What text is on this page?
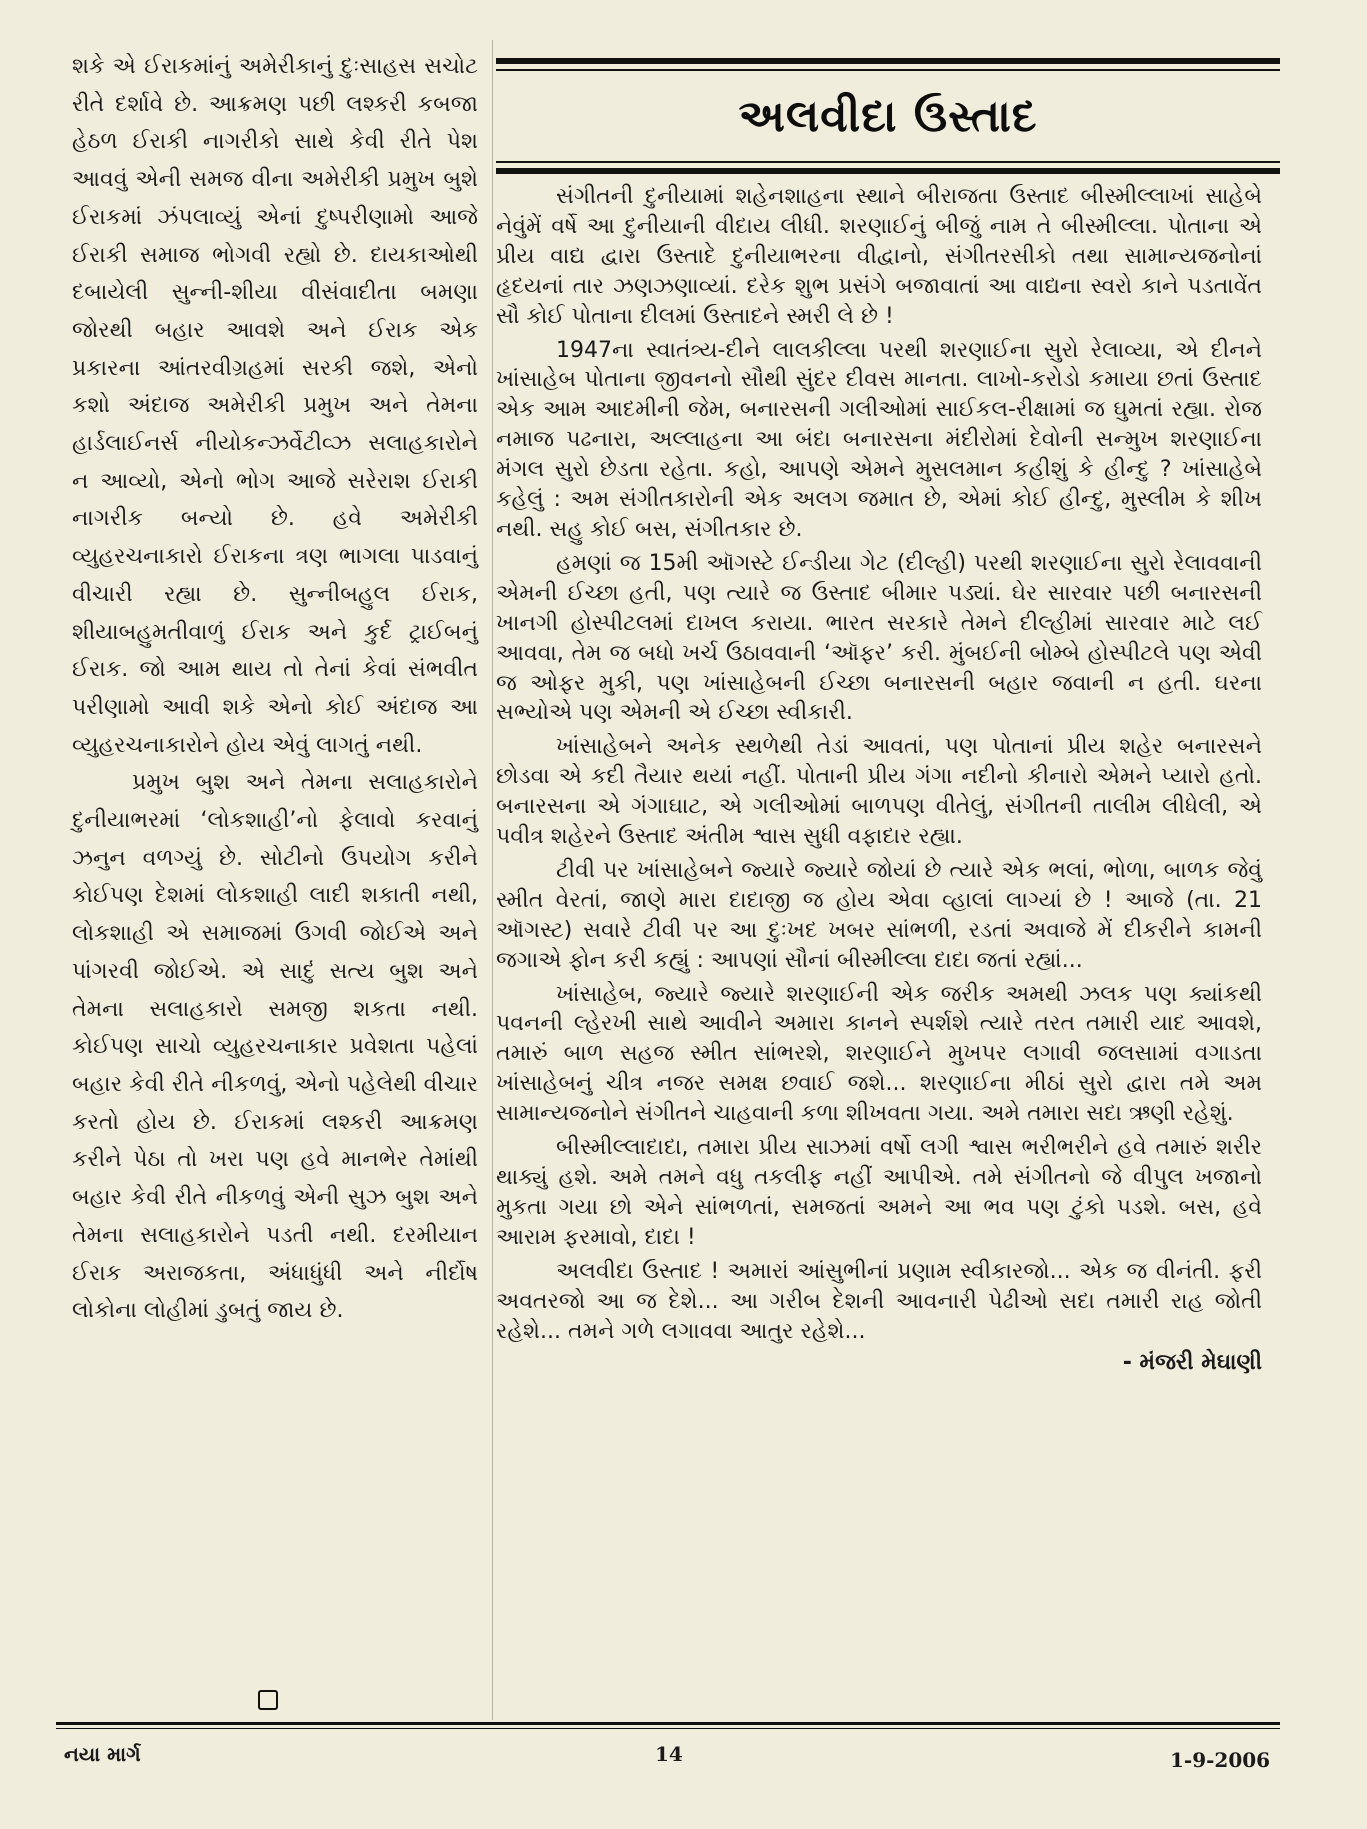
શકે એ ઈરાકમાંનું અમેરીકાનું દુઃસાહસ સચોટ રીતે દર્શાવે છે. આક્રમણ પછી લશ્કરી કબજા હેઠળ ઈરાકી નાગરીકો સાથે કેવી રીતે પેશ આવવું એની સમજ વીના અમેરીકી પ્રમુખ બુશે ઈરાકમાં ઝંપલાવ્યું એનાં દુષ્પરીણામો આજે ઈરાકી સમાજ ભોગવી રહ્યો છે. દાયકાઓથી દબાયેલી સુન્ની-શીયા વીસંવાદીતા બમણા જોરથી બહાર આવશે અને ઈરાક એક પ્રકારના આંતરવીગ્રહમાં સરકી જશે, એનો કશો અંદાજ અમેરીકી પ્રમુખ અને તેમના હાર્ડલાઈનર્સ નીયોકન્ઝર્વેટીવ્ઝ સલાહકારોને ન આવ્યો, એનો ભોગ આજે સરેરાશ ઈરાકી નાગરીક બન્યો છે. હવે અમેરીકી વ્યુહરચનાકારો ઈરાકના ત્રણ ભાગલા પાડવાનું વીચારી રહ્યા છે. સુન્નીબહુલ ઈરાક, શીયાબહુમતીવાળું ઈરાક અને કુર્દ ટ્રાઈબનું ઈરાક. જો આમ થાય તો તેનાં કેવાં સંભવીત પરીણામો આવી શકે એનો કોઈ અંદાજ આ વ્યુહરચનાકારોને હોય એવું લાગતું નથી.

પ્રમુખ બુશ અને તેમના સલાહકારોને દુનીયાભરમાં ‘લોકશાહી’નો ફેલાવો કરવાનું ઝનુન વળગ્યું છે. સોટીનો ઉપયોગ કરીને કોઈપણ દેશમાં લોકશાહી લાદી શકાતી નથી, લોકશાહી એ સમાજમાં ઉગવી જોઈએ અને પાંગરવી જોઈએ. એ સાદું સત્ય બુશ અને તેમના સલાહકારો સમજી શકતા નથી. કોઈપણ સાચો વ્યુહરચનાકાર પ્રવેશતા પહેલાં બહાર કેવી રીતે નીકળવું, એનો પહેલેથી વીચાર કરતો હોય છે. ઈરાકમાં લશ્કરી આક્રમણ કરીને પેઠા તો ખરા પણ હવે માનભેર તેમાંથી બહાર કેવી રીતે નીકળવું એની સુઝ બુશ અને તેમના સલાહકારોને પડતી નથી. દરમીયાન ઈરાક અરાજકતા, અંધાધુંધી અને નીર્દોષ લોકોના લોહીમાં ડુબતું જાય છે.

અલવીદા ઉસ્તાદ

સંગીતની દુનીયામાં શહેનશાહના સ્થાને બીરાજતા ઉસ્તાદ બીસ્મીલ્લાખાં સાહેબે નેવુંમેં વર્ષે આ દુનીયાની વીદાય લીધી. શરણાઈનું બીજું નામ તે બીસ્મીલ્લા. પોતાના એ પ્રીય વાદ્ય દ્વારા ઉસ્તાદે દુનીયાભરના વીદ્વાનો, સંગીતરસીકો તથા સામાન્યજનોનાં હૃદયનાં તાર ઝણઝણાવ્યાં. દરેક શુભ પ્રસંગે બજાવાતાં આ વાદ્યના સ્વરો કાને પડતાવેંત સૌ કોઈ પોતાના દીલમાં ઉસ્તાદને સ્મરી લે છે !

1947ના સ્વાતંત્ર્ય-દીને લાલકીલ્લા પરથી શરણાઈના સુરો રેલાવ્યા, એ દીનને ખાંસાહેબ પોતાના જીવનનો સૌથી સુંદર દીવસ માનતા. લાખો-કરોડો કમાયા છતાં ઉસ્તાદ એક આમ આદમીની જેમ, બનારસની ગલીઓમાં સાઈકલ-રીક્ષામાં જ ઘુમતાં રહ્યા. રોજ નમાજ પઢનારા, અલ્લાહના આ બંદા બનારસના મંદીરોમાં દેવોની સન્મુખ શરણાઈના મંગલ સુરો છેડતા રહેતા. કહો, આપણે એમને મુસલમાન કહીશું કે હીન્દુ ? ખાંસાહેબે કહેલું : અમ સંગીતકારોની એક અલગ જમાત છે, એમાં કોઈ હીન્દુ, મુસ્લીમ કે શીખ નથી. સહુ કોઈ બસ, સંગીતકાર છે.

હમણાં જ 15મી ઑગસ્ટે ઈન્ડીયા ગેટ (દીલ્હી) પરથી શરણાઈના સુરો રેલાવવાની એમની ઈચ્છા હતી, પણ ત્યારે જ ઉસ્તાદ બીમાર પડ્યાં. ઘેર સારવાર પછી બનારસની ખાનગી હોસ્પીટલમાં દાખલ કરાયા. ભારત સરકારે તેમને દીલ્હીમાં સારવાર માટે લઈ આવવા, તેમ જ બધો ખર્ચ ઉઠાવવાની ‘ઑફર’ કરી. મુંબઈની બોમ્બે હોસ્પીટલે પણ એવી જ ઓફર મુકી, પણ ખાંસાહેબની ઈચ્છા બનારસની બહાર જવાની ન હતી. ઘરના સભ્યોએ પણ એમની એ ઈચ્છા સ્વીકારી.

ખાંસાહેબને અનેક સ્થળેથી તેડાં આવતાં, પણ પોતાનાં પ્રીય શહેર બનારસને છોડવા એ કદી તૈયાર થયાં નહીં. પોતાની પ્રીય ગંગા નદીનો કીનારો એમને પ્યારો હતો. બનારસના એ ગંગાઘાટ, એ ગલીઓમાં બાળપણ વીતેલું, સંગીતની તાલીમ લીધેલી, એ પવીત્ર શહેરને ઉસ્તાદ અંતીમ શ્વાસ સુધી વફાદાર રહ્યા.

ટીવી પર ખાંસાહેબને જ્યારે જ્યારે જોયાં છે ત્યારે એક ભલાં, ભોળા, બાળક જેવું સ્મીત વેરતાં, જાણે મારા દાદાજી જ હોય એવા વ્હાલાં લાગ્યાં છે ! આજે (તા. 21 ઑગસ્ટ) સવારે ટીવી પર આ દુઃખદ ખબર સાંભળી, રડતાં અવાજે મેં દીકરીને કામની જગાએ ફોન કરી કહ્યું : આપણાં સૌનાં બીસ્મીલ્લા દાદા જતાં રહ્યાં...

ખાંસાહેબ, જ્યારે જ્યારે શરણાઈની એક જરીક અમથી ઝલક પણ ક્યાંકથી પવનની લ્હેરખી સાથે આવીને અમારા કાનને સ્પર્શશે ત્યારે તરત તમારી યાદ આવશે, તમારું બાળ સહજ સ્મીત સાંભરશે, શરણાઈને મુખપર લગાવી જલસામાં વગાડતા ખાંસાહેબનું ચીત્ર નજર સમક્ષ છવાઈ જશે... શરણાઈના મીઠાં સુરો દ્વારા તમે અમ સામાન્યજનોને સંગીતને ચાહવાની કળા શીખવતા ગયા. અમે તમારા સદા ઋણી રહેશું.

બીસ્મીલ્લાદાદા, તમારા પ્રીય સાઝમાં વર્ષો લગી શ્વાસ ભરીભરીને હવે તમારું શરીર થાક્યું હશે. અમે તમને વધુ તકલીફ નહીં આપીએ. તમે સંગીતનો જે વીપુલ ખજાનો મુકતા ગયા છો એને સાંભળતાં, સમજતાં અમને આ ભવ પણ ટુંકો પડશે. બસ, હવે આરામ ફરમાવો, દાદા !

અલવીદા ઉસ્તાદ ! અમારાં આંસુભીનાં પ્રણામ સ્વીકારજો... એક જ વીનંતી. ફરી અવતરજો આ જ દેશે... આ ગરીબ દેશની આવનારી પેઢીઓ સદા તમારી રાહ જોતી રહેશે... તમને ગળે લગાવવા આતુર રહેશે...

- મંજરી મેઘાણી
નયા માર્ગ	14	1-9-2006
